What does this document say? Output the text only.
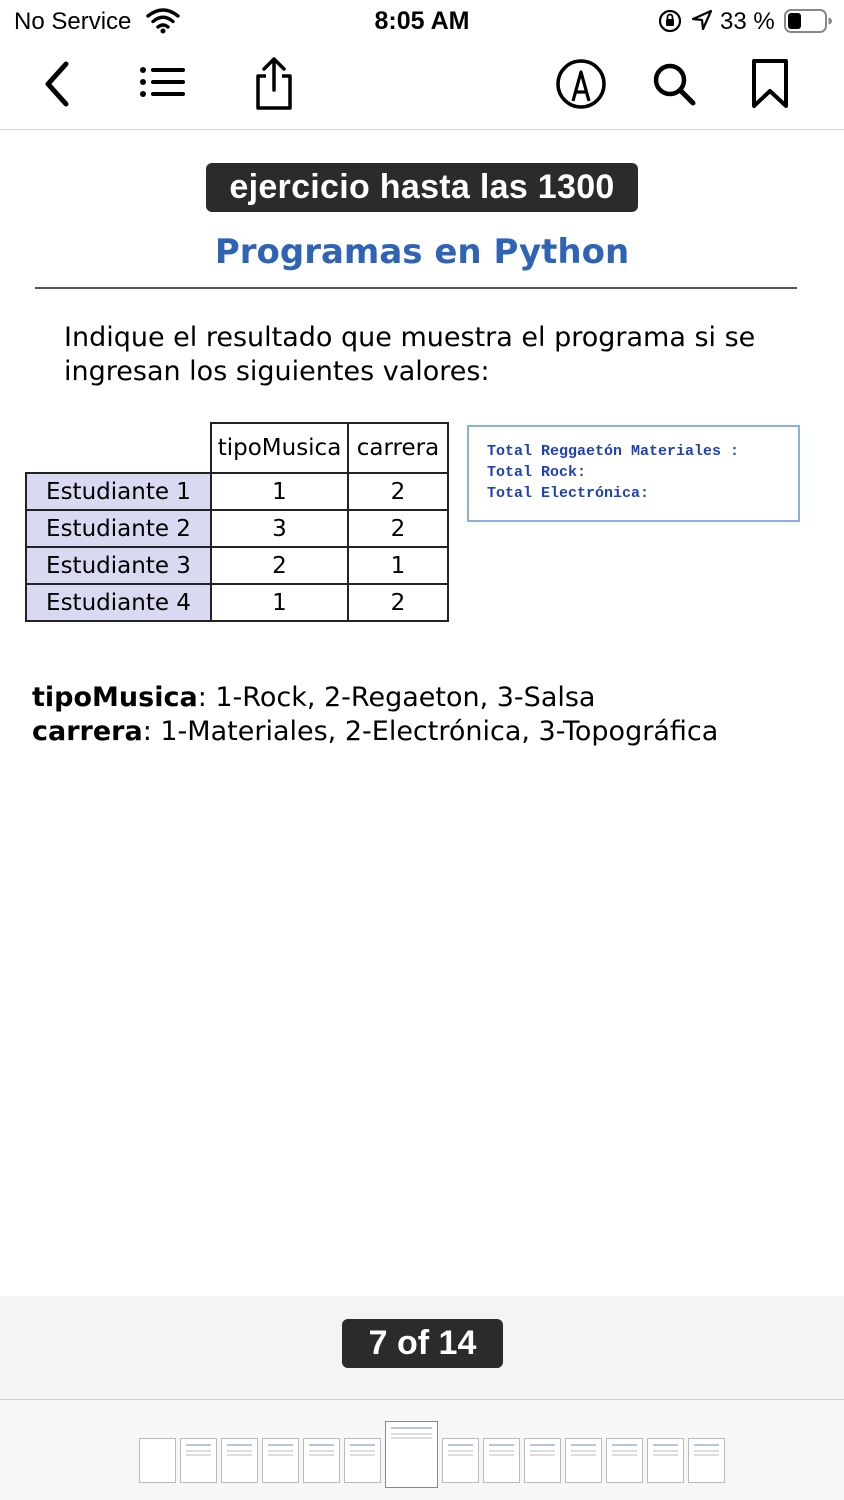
No Service	8:05 AM	33 %
Programas en Python
Indique el resultado que muestra el programa si se ingresan los siguientes valores:
	tipoMusica	carrera
Estudiante 1	1	2
Estudiante 2	3	2
Estudiante 3	2	1
Estudiante 4	1	2
Total Reggaetón Materiales :
Total Rock:
Total Electrónica:
tipoMusica: 1-Rock, 2-Regaeton, 3-Salsa
carrera: 1-Materiales, 2-Electrónica, 3-Topográfica
ejercicio hasta las 1300
7 of 14
